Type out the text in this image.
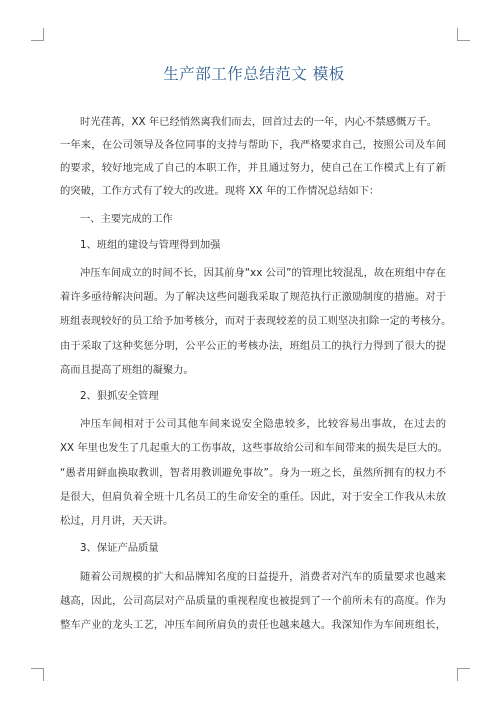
生产部工作总结范文 模板
时光荏苒，XX 年已经悄然离我们而去，回首过去的一年，内心不禁感慨万千。
一年来，在公司领导及各位同事的支持与帮助下，我严格要求自己，按照公司及车间
的要求，较好地完成了自己的本职工作，并且通过努力，使自己在工作模式上有了新
的突破，工作方式有了较大的改进。现将 XX 年的工作情况总结如下：
一、主要完成的工作
1、班组的建设与管理得到加强
冲压车间成立的时间不长，因其前身“xx 公司”的管理比较混乱，故在班组中存在
着许多亟待解决问题。为了解决这些问题我采取了规范执行正激励制度的措施。对于
班组表现较好的员工给予加考核分，而对于表现较差的员工则坚决扣除一定的考核分。
由于采取了这种奖惩分明，公平公正的考核办法，班组员工的执行力得到了很大的提
高而且提高了班组的凝聚力。
2、狠抓安全管理
冲压车间相对于公司其他车间来说安全隐患较多，比较容易出事故，在过去的
XX 年里也发生了几起重大的工伤事故，这些事故给公司和车间带来的损失是巨大的。
“愚者用鲜血换取教训，智者用教训避免事故”。身为一班之长，虽然所拥有的权力不
是很大，但肩负着全班十几名员工的生命安全的重任。因此，对于安全工作我从未放
松过，月月讲，天天讲。
3、保证产品质量
随着公司规模的扩大和品牌知名度的日益提升，消费者对汽车的质量要求也越来
越高，因此，公司高层对产品质量的重视程度也被提到了一个前所未有的高度。作为
整车产业的龙头工艺，冲压车间所肩负的责任也越来越大。我深知作为车间班组长，
